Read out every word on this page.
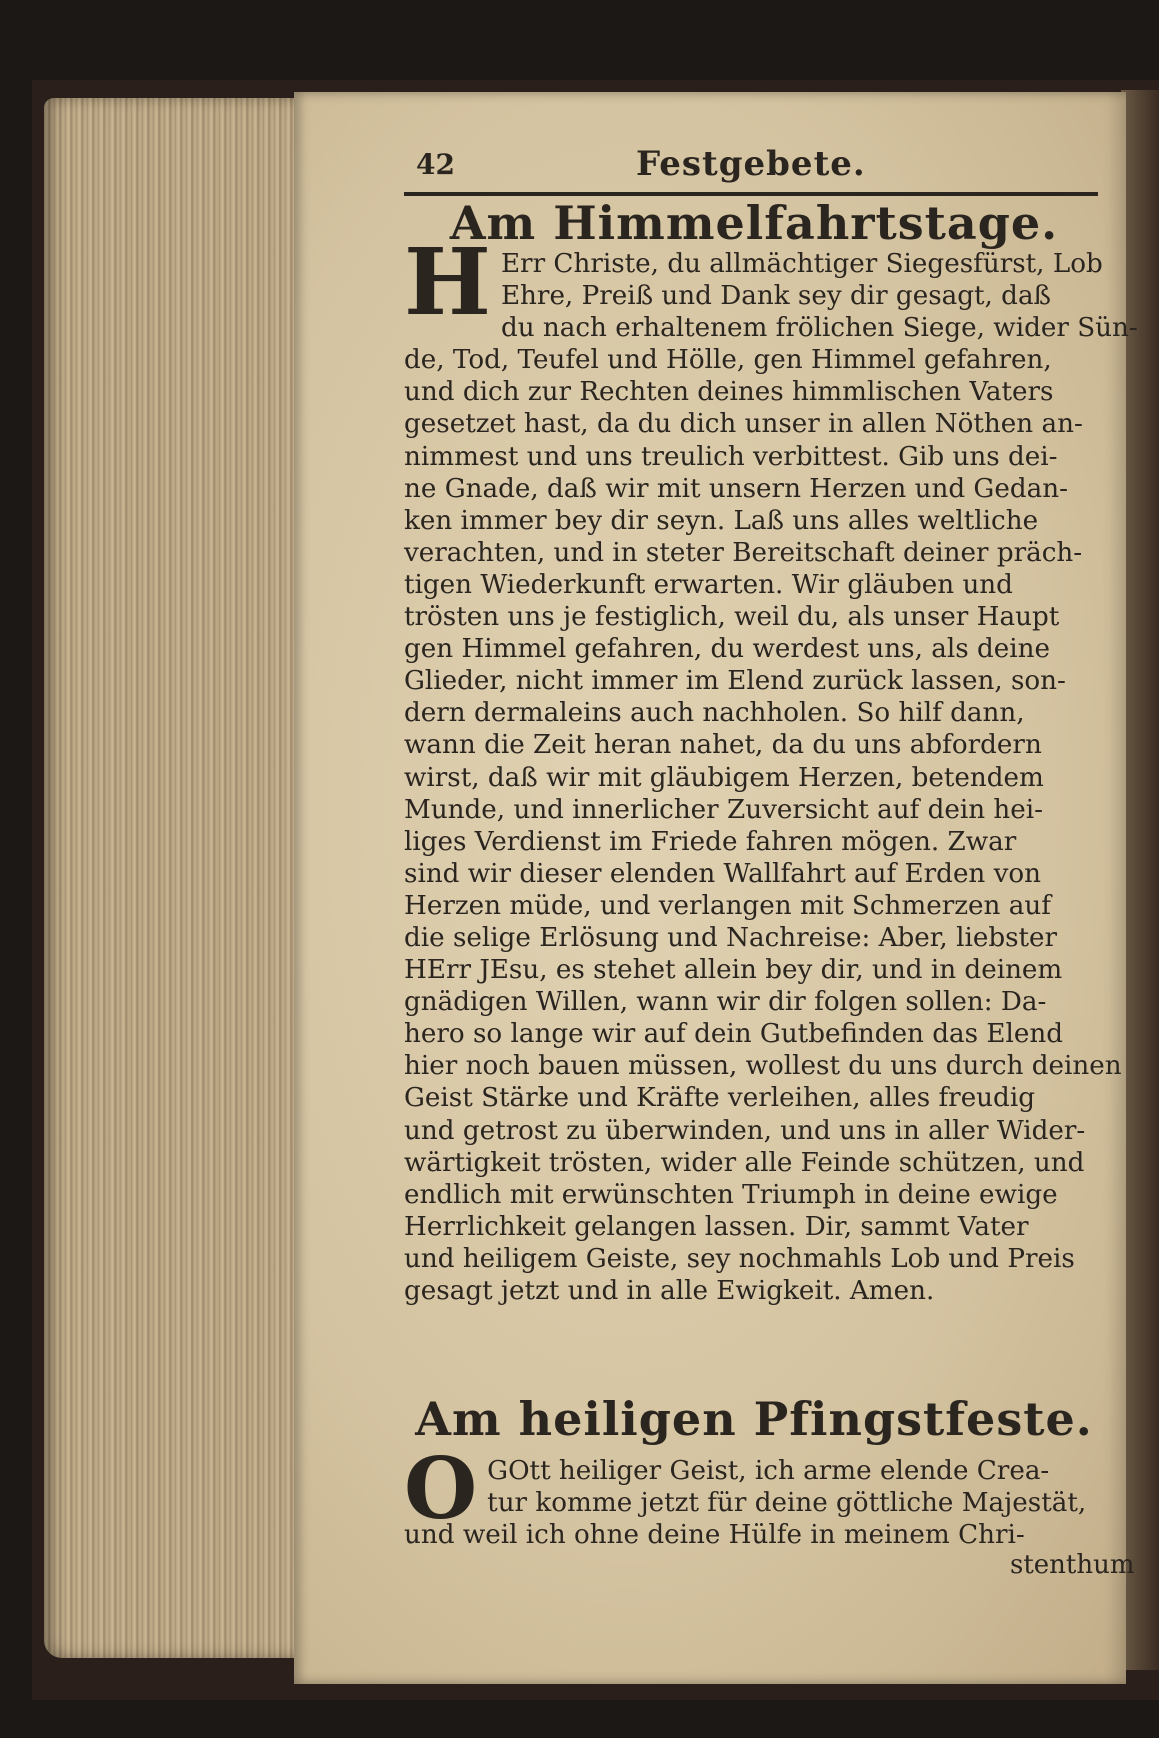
42	Festgebete.
Am Himmelfahrtstage.
H Err Christe, du allmächtiger Siegesfürst, Lob
Ehre, Preiß und Dank sey dir gesagt, daß
du nach erhaltenem frölichen Siege, wider Sün-
de, Tod, Teufel und Hölle, gen Himmel gefahren,
und dich zur Rechten deines himmlischen Vaters
gesetzet hast, da du dich unser in allen Nöthen an-
nimmest und uns treulich verbittest. Gib uns dei-
ne Gnade, daß wir mit unsern Herzen und Gedan-
ken immer bey dir seyn. Laß uns alles weltliche
verachten, und in steter Bereitschaft deiner präch-
tigen Wiederkunft erwarten. Wir gläuben und
trösten uns je festiglich, weil du, als unser Haupt
gen Himmel gefahren, du werdest uns, als deine
Glieder, nicht immer im Elend zurück lassen, son-
dern dermaleins auch nachholen. So hilf dann,
wann die Zeit heran nahet, da du uns abfordern
wirst, daß wir mit gläubigem Herzen, betendem
Munde, und innerlicher Zuversicht auf dein hei-
liges Verdienst im Friede fahren mögen. Zwar
sind wir dieser elenden Wallfahrt auf Erden von
Herzen müde, und verlangen mit Schmerzen auf
die selige Erlösung und Nachreise: Aber, liebster
HErr JEsu, es stehet allein bey dir, und in deinem
gnädigen Willen, wann wir dir folgen sollen: Da-
hero so lange wir auf dein Gutbefinden das Elend
hier noch bauen müssen, wollest du uns durch deinen
Geist Stärke und Kräfte verleihen, alles freudig
und getrost zu überwinden, und uns in aller Wider-
wärtigkeit trösten, wider alle Feinde schützen, und
endlich mit erwünschten Triumph in deine ewige
Herrlichkeit gelangen lassen. Dir, sammt Vater
und heiligem Geiste, sey nochmahls Lob und Preis
gesagt jetzt und in alle Ewigkeit. Amen.
Am heiligen Pfingstfeste.
O GOtt heiliger Geist, ich arme elende Crea-
tur komme jetzt für deine göttliche Majestät,
und weil ich ohne deine Hülfe in meinem Chri-
stenthum
